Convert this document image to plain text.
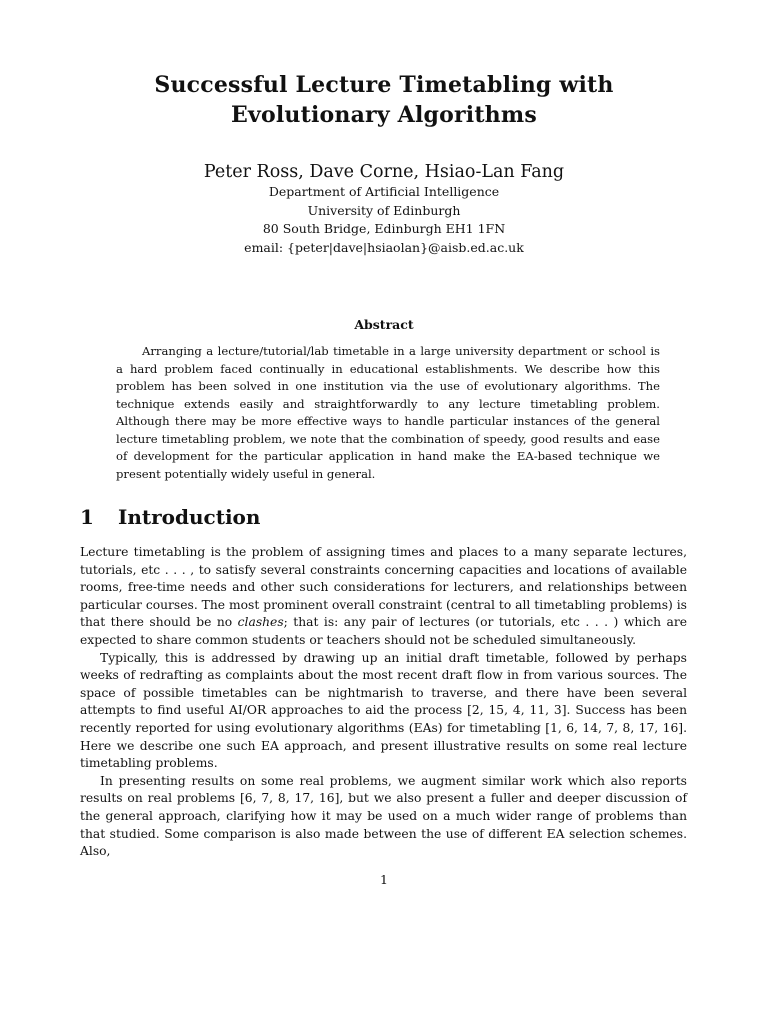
Successful Lecture Timetabling with
Evolutionary Algorithms
Peter Ross, Dave Corne, Hsiao-Lan Fang
Department of Artificial Intelligence
University of Edinburgh
80 South Bridge, Edinburgh EH1 1FN
email: {peter|dave|hsiaolan}@aisb.ed.ac.uk
Abstract

Arranging a lecture/tutorial/lab timetable in a large university department or school is a hard problem faced continually in educational establishments. We describe how this problem has been solved in one institution via the use of evolutionary algorithms. The technique extends easily and straightforwardly to any lecture timetabling problem. Although there may be more effective ways to handle particular instances of the general lecture timetabling problem, we note that the combination of speedy, good results and ease of development for the particular application in hand make the EA-based technique we present potentially widely useful in general.

1 Introduction

Lecture timetabling is the problem of assigning times and places to a many separate lectures, tutorials, etc . . . , to satisfy several constraints concerning capacities and locations of available rooms, free-time needs and other such considerations for lecturers, and relationships between particular courses. The most prominent overall constraint (central to all timetabling problems) is that there should be no clashes; that is: any pair of lectures (or tutorials, etc . . . ) which are expected to share common students or teachers should not be scheduled simultaneously.

Typically, this is addressed by drawing up an initial draft timetable, followed by perhaps weeks of redrafting as complaints about the most recent draft flow in from various sources. The space of possible timetables can be nightmarish to traverse, and there have been several attempts to find useful AI/OR approaches to aid the process [2, 15, 4, 11, 3]. Success has been recently reported for using evolutionary algorithms (EAs) for timetabling [1, 6, 14, 7, 8, 17, 16]. Here we describe one such EA approach, and present illustrative results on some real lecture timetabling problems.

In presenting results on some real problems, we augment similar work which also reports results on real problems [6, 7, 8, 17, 16], but we also present a fuller and deeper discussion of the general approach, clarifying how it may be used on a much wider range of problems than that studied. Some comparison is also made between the use of different EA selection schemes. Also,

1
